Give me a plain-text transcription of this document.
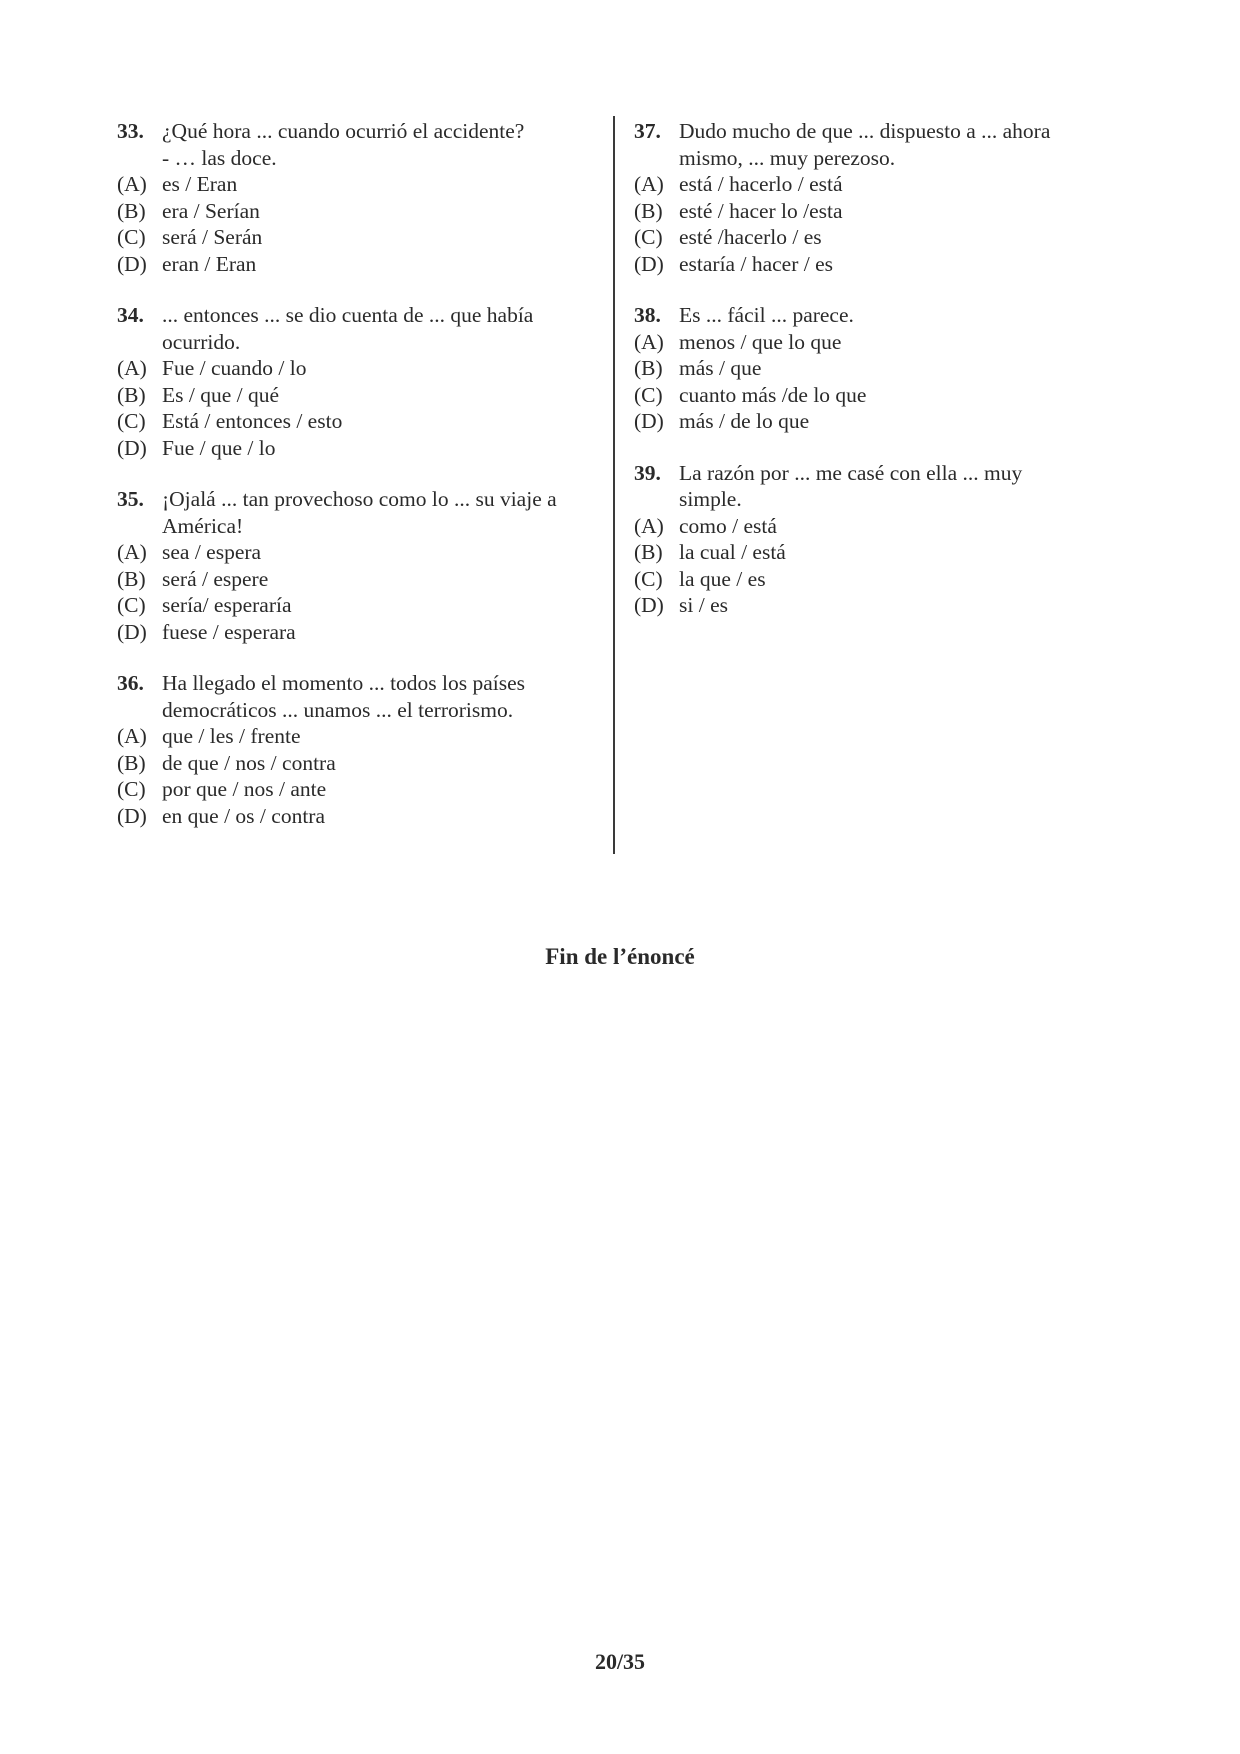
33. ¿Qué hora ... cuando ocurrió el accidente?
- … las doce.
(A) es / Eran
(B) era / Serían
(C) será / Serán
(D) eran / Eran
34. ... entonces ... se dio cuenta de ... que había
ocurrido.
(A) Fue / cuando / lo
(B) Es / que / qué
(C) Está / entonces / esto
(D) Fue / que / lo
35. ¡Ojalá ... tan provechoso como lo ... su viaje a
América!
(A) sea / espera
(B) será / espere
(C) sería/ esperaría
(D) fuese / esperara
36. Ha llegado el momento ... todos los países
democráticos ... unamos ... el terrorismo.
(A) que / les / frente
(B) de que / nos / contra
(C) por que / nos / ante
(D) en que / os / contra
37. Dudo mucho de que ... dispuesto a ... ahora
mismo, ... muy perezoso.
(A) está / hacerlo / está
(B) esté / hacer lo /esta
(C) esté /hacerlo / es
(D) estaría / hacer / es
38. Es ... fácil ... parece.
(A) menos / que lo que
(B) más / que
(C) cuanto más /de lo que
(D) más / de lo que
39. La razón por ... me casé con ella ... muy
simple.
(A) como / está
(B) la cual / está
(C) la que / es
(D) si / es
Fin de l’énoncé
20/35
